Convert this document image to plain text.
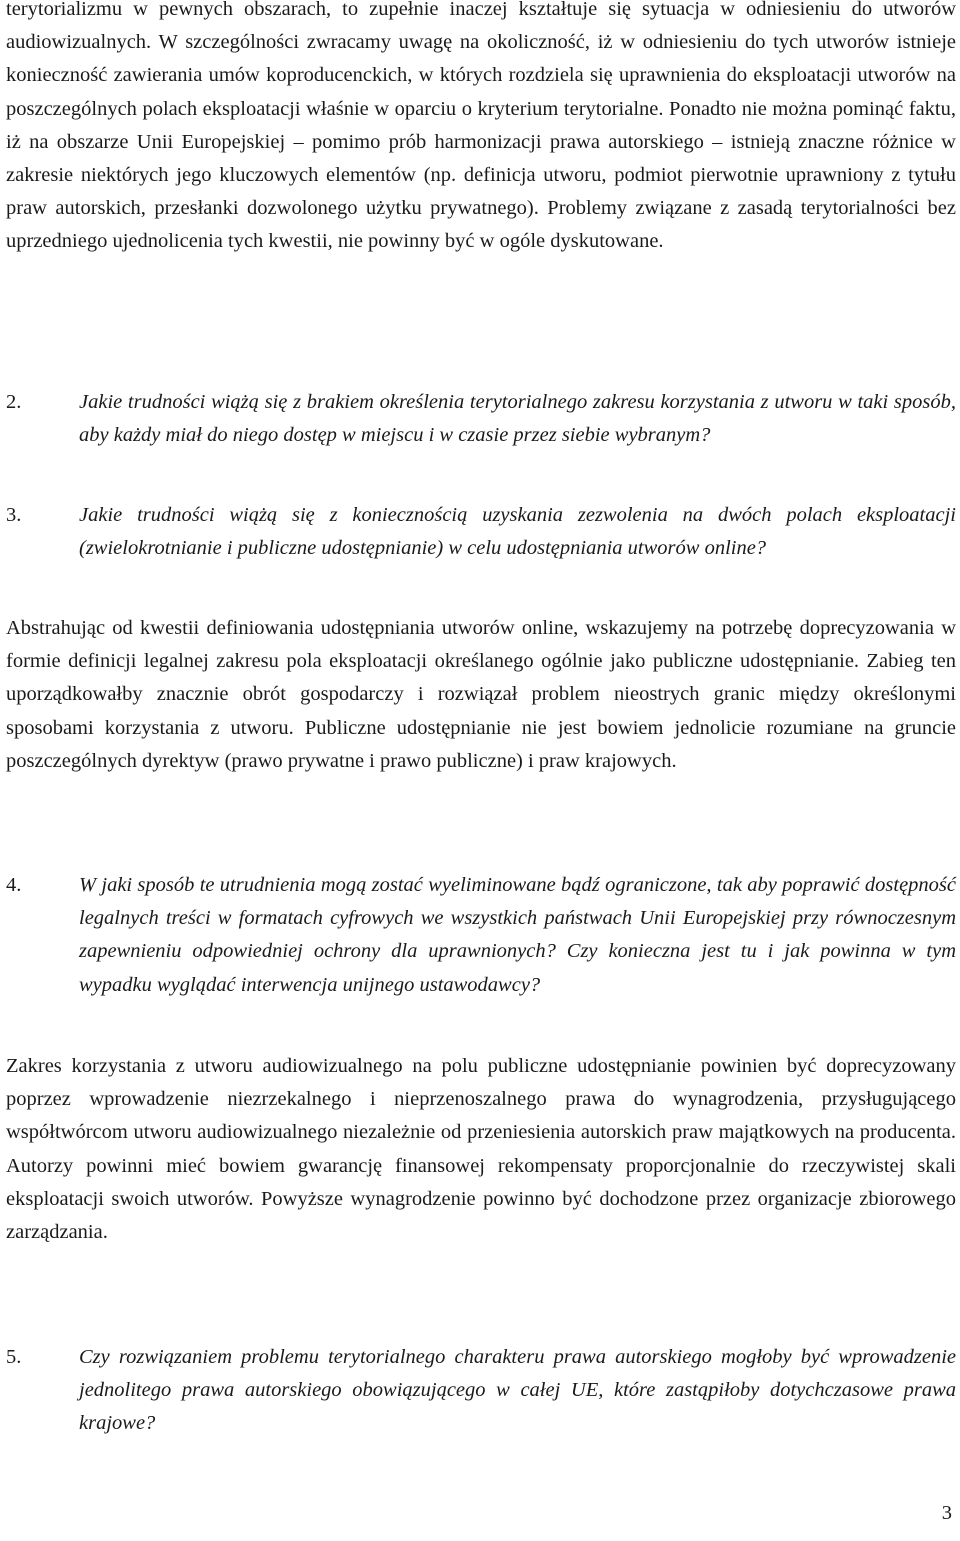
terytorializmu w pewnych obszarach, to zupełnie inaczej kształtuje się sytuacja w odniesieniu do utworów audiowizualnych. W szczególności zwracamy uwagę na okoliczność, iż w odniesieniu do tych utworów istnieje konieczność zawierania umów koproducenckich, w których rozdziela się uprawnienia do eksploatacji utworów na poszczególnych polach eksploatacji właśnie w oparciu o kryterium terytorialne. Ponadto nie można pominąć faktu, iż na obszarze Unii Europejskiej – pomimo prób harmonizacji prawa autorskiego – istnieją znaczne różnice w zakresie niektórych jego kluczowych elementów (np. definicja utworu, podmiot pierwotnie uprawniony z tytułu praw autorskich, przesłanki dozwolonego użytku prywatnego). Problemy związane z zasadą terytorialności bez uprzedniego ujednolicenia tych kwestii, nie powinny być w ogóle dyskutowane.

2.	Jakie trudności wiążą się z brakiem określenia terytorialnego zakresu korzystania z utworu w taki sposób, aby każdy miał do niego dostęp w miejscu i w czasie przez siebie wybranym?
3.	Jakie trudności wiążą się z koniecznością uzyskania zezwolenia na dwóch polach eksploatacji (zwielokrotnianie i publiczne udostępnianie) w celu udostępniania utworów online?

Abstrahując od kwestii definiowania udostępniania utworów online, wskazujemy na potrzebę doprecyzowania w formie definicji legalnej zakresu pola eksploatacji określanego ogólnie jako publiczne udostępnianie. Zabieg ten uporządkowałby znacznie obrót gospodarczy i rozwiązał problem nieostrych granic między określonymi sposobami korzystania z utworu. Publiczne udostępnianie nie jest bowiem jednolicie rozumiane na gruncie poszczególnych dyrektyw (prawo prywatne i prawo publiczne) i praw krajowych.

4.	W jaki sposób te utrudnienia mogą zostać wyeliminowane bądź ograniczone, tak aby poprawić dostępność legalnych treści w formatach cyfrowych we wszystkich państwach Unii Europejskiej przy równoczesnym zapewnieniu odpowiedniej ochrony dla uprawnionych? Czy konieczna jest tu i jak powinna w tym wypadku wyglądać interwencja unijnego ustawodawcy?

Zakres korzystania z utworu audiowizualnego na polu publiczne udostępnianie powinien być doprecyzowany poprzez wprowadzenie niezrzekalnego i nieprzenoszalnego prawa do wynagrodzenia, przysługującego współtwórcom utworu audiowizualnego niezależnie od przeniesienia autorskich praw majątkowych na producenta. Autorzy powinni mieć bowiem gwarancję finansowej rekompensaty proporcjonalnie do rzeczywistej skali eksploatacji swoich utworów. Powyższe wynagrodzenie powinno być dochodzone przez organizacje zbiorowego zarządzania.

5.	Czy rozwiązaniem problemu terytorialnego charakteru prawa autorskiego mogłoby być wprowadzenie jednolitego prawa autorskiego obowiązującego w całej UE, które zastąpiłoby dotychczasowe prawa krajowe?

3
